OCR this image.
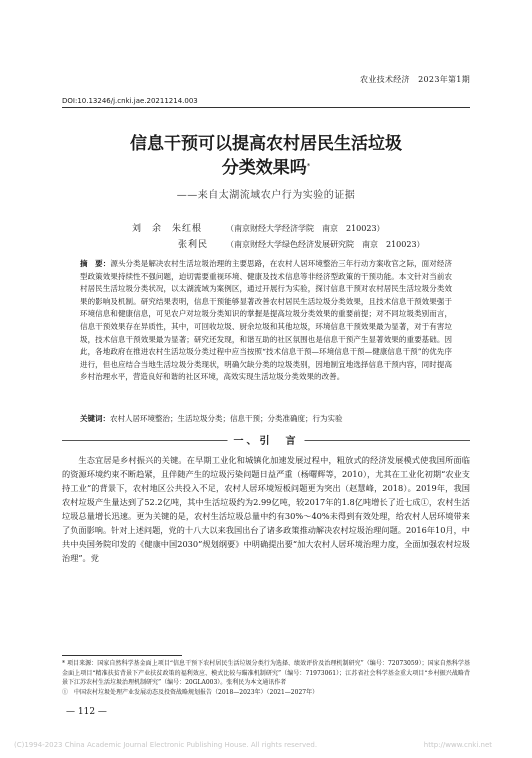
农业技术经济　2023年第1期
DOI:10.13246/j.cnki.jae.20211214.003
信息干预可以提高农村居民生活垃圾
分类效果吗*
——来自太湖流域农户行为实验的证据
刘　余　朱红根	（南京财经大学经济学院　南京　210023）
张利民 （南京财经大学绿色经济发展研究院　南京　210023）
摘　要：源头分类是解决农村生活垃圾治理的主要思路，在农村人居环境整治三年行动方案收官之际，面对经济型政策效果持续性不强问题，迫切需要重视环境、健康及技术信息等非经济型政策的干预功能。本文针对当前农村居民生活垃圾分类状况，以太湖流域为案例区，通过开展行为实验，探讨信息干预对农村居民生活垃圾分类效果的影响及机制。研究结果表明，信息干预能够显著改善农村居民生活垃圾分类效果，且技术信息干预效果强于环境信息和健康信息，可见农户对垃圾分类知识的掌握是提高垃圾分类效果的重要前提；对不同垃圾类别而言，信息干预效果存在异质性，其中，可回收垃圾、厨余垃圾和其他垃圾，环境信息干预效果最为显著，对于有害垃圾，技术信息干预效果最为显著；研究还发现，和谐互助的社区氛围也是信息干预产生显著效果的重要基础。因此，各地政府在推进农村生活垃圾分类过程中应当按照“技术信息干预—环境信息干预—健康信息干预”的优先序进行，但也应结合当地生活垃圾分类现状，明确欠缺分类的垃圾类别，因地制宜地选择信息干预内容，同时提高乡村治理水平，营造良好和谐的社区环境，高效实现生活垃圾分类效果的改善。
关键词：农村人居环境整治；生活垃圾分类；信息干预；分类准确度；行为实验
一、引　言

生态宜居是乡村振兴的关键。在早期工业化和城镇化加速发展过程中，粗放式的经济发展模式使我国所面临的资源环境约束不断趋紧，且伴随产生的垃圾污染问题日益严重（杨曙辉等，2010），尤其在工业化初期“农业支持工业”的背景下，农村地区公共投入不足，农村人居环境短板问题更为突出（赵慧峰，2018）。2019年，我国农村垃圾产生量达到了52.2亿吨，其中生活垃圾约为2.99亿吨，较2017年的1.8亿吨增长了近七成①，农村生活垃圾总量增长迅速。更为关键的是，农村生活垃圾总量中约有30%～40%未得到有效处理，给农村人居环境带来了负面影响。针对上述问题，党的十八大以来我国出台了诸多政策推动解决农村垃圾治理问题。2016年10月，中共中央国务院印发的《健康中国2030”规划纲要》中明确提出要“加大农村人居环境治理力度，全面加强农村垃圾治理”。党

* 项目来源：国家自然科学基金面上项目“信息干预下农村居民生活垃圾分类行为选择、绩效评价及治理机制研究”（编号：72073059）；国家自然科学基金面上项目“精准扶贫背景下产业扶贫政策的福利效应、模式比较与瞄准机制研究”（编号：71973061）；江苏省社会科学基金重大项目“乡村振兴战略背景下江苏农村生活垃圾治理机制研究”（编号：20GLA003）。张利民为本文通讯作者

①　中国农村垃圾处理产业发展动态及投资战略规划报告（2018—2023年）（2021—2027年）

— 112 —
(C)1994-2023 China Academic Journal Electronic Publishing House. All rights reserved.	http://www.cnki.net
